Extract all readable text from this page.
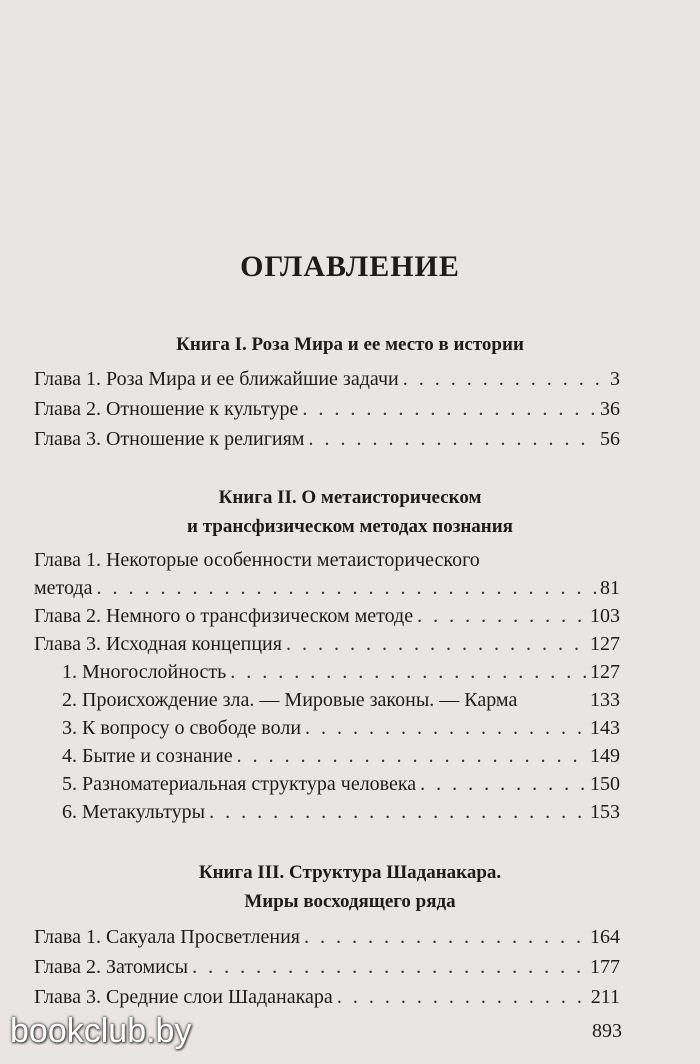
ОГЛАВЛЕНИЕ
Книга I. Роза Мира и ее место в истории
Глава 1. Роза Мира и ее ближайшие задачи . . .	3
Глава 2. Отношение к культуре . . .	36
Глава 3. Отношение к религиям . . .	56
Книга II. О метаисторическом
и трансфизическом методах познания
Глава 1. Некоторые особенности метаисторического
метода . . .	81
Глава 2. Немного о трансфизическом методе . . .	103
Глава 3. Исходная концепция . . .	127
1. Многослойность . . .	127
2. Происхождение зла. — Мировые законы. — Карма	133
3. К вопросу о свободе воли . . .	143
4. Бытие и сознание . . .	149
5. Разноматериальная структура человека . . .	150
6. Метакультуры . . .	153
Книга III. Структура Шаданакара.
Миры восходящего ряда
Глава 1. Сакуала Просветления . . .	164
Глава 2. Затомисы . . .	177
Глава 3. Средние слои Шаданакара . . .	211
893
bookclub.by
